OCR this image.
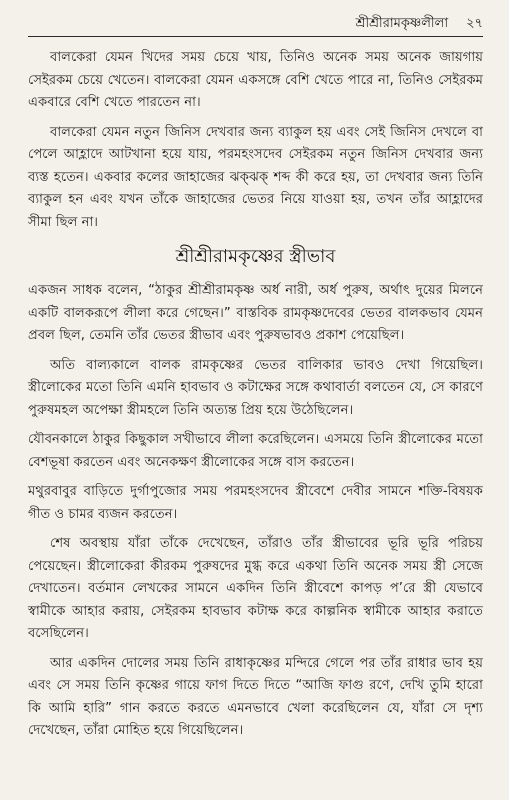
শ্রীশ্রীরামকৃষ্ণলীলা ২৭

বালকেরা যেমন খিদের সময় চেয়ে খায়, তিনিও অনেক সময় অনেক জায়গায় সেইরকম চেয়ে খেতেন। বালকেরা যেমন একসঙ্গে বেশি খেতে পারে না, তিনিও সেইরকম একবারে বেশি খেতে পারতেন না।

বালকেরা যেমন নতুন জিনিস দেখবার জন্য ব্যাকুল হয় এবং সেই জিনিস দেখলে বা পেলে আহ্লাদে আটখানা হয়ে যায়, পরমহংসদেব সেইরকম নতুন জিনিস দেখবার জন্য ব্যস্ত হতেন। একবার কলের জাহাজের ঝক্‌ঝক্‌ শব্দ কী করে হয়, তা দেখবার জন্য তিনি ব্যাকুল হন এবং যখন তাঁকে জাহাজের ভেতর নিয়ে যাওয়া হয়, তখন তাঁর আহ্লাদের সীমা ছিল না।

শ্রীশ্রীরামকৃষ্ণের স্ত্রীভাব

একজন সাধক বলেন, “ঠাকুর শ্রীশ্রীরামকৃষ্ণ অর্ধ নারী, অর্ধ পুরুষ, অর্থাৎ দুয়ের মিলনে একটি বালকরূপে লীলা করে গেছেন।” বাস্তবিক রামকৃষ্ণদেবের ভেতর বালকভাব যেমন প্রবল ছিল, তেমনি তাঁর ভেতর স্ত্রীভাব এবং পুরুষভাবও প্রকাশ পেয়েছিল।

অতি বাল্যকালে বালক রামকৃষ্ণের ভেতর বালিকার ভাবও দেখা গিয়েছিল। স্ত্রীলোকের মতো তিনি এমনি হাবভাব ও কটাক্ষের সঙ্গে কথাবার্তা বলতেন যে, সে কারণে পুরুষমহল অপেক্ষা স্ত্রীমহলে তিনি অত্যন্ত প্রিয় হয়ে উঠেছিলেন।

যৌবনকালে ঠাকুর কিছুকাল সখীভাবে লীলা করেছিলেন। এসময়ে তিনি স্ত্রীলোকের মতো বেশভূষা করতেন এবং অনেকক্ষণ স্ত্রীলোকের সঙ্গে বাস করতেন।

মথুরবাবুর বাড়িতে দুর্গাপুজোর সময় পরমহংসদেব স্ত্রীবেশে দেবীর সামনে শক্তি-বিষয়ক গীত ও চামর ব্যজন করতেন।

শেষ অবস্থায় যাঁরা তাঁকে দেখেছেন, তাঁরাও তাঁর স্ত্রীভাবের ভূরি ভূরি পরিচয় পেয়েছেন। স্ত্রীলোকেরা কীরকম পুরুষদের মুগ্ধ করে একথা তিনি অনেক সময় স্ত্রী সেজে দেখাতেন। বর্তমান লেখকের সামনে একদিন তিনি স্ত্রীবেশে কাপড় প’রে স্ত্রী যেভাবে স্বামীকে আহার করায়, সেইরকম হাবভাব কটাক্ষ করে কাল্পনিক স্বামীকে আহার করাতে বসেছিলেন।

আর একদিন দোলের সময় তিনি রাধাকৃষ্ণের মন্দিরে গেলে পর তাঁর রাধার ভাব হয় এবং সে সময় তিনি কৃষ্ণের গায়ে ফাগ দিতে দিতে “আজি ফাগু রণে, দেখি তুমি হারো কি আমি হারি” গান করতে করতে এমনভাবে খেলা করেছিলেন যে, যাঁরা সে দৃশ্য দেখেছেন, তাঁরা মোহিত হয়ে গিয়েছিলেন।
